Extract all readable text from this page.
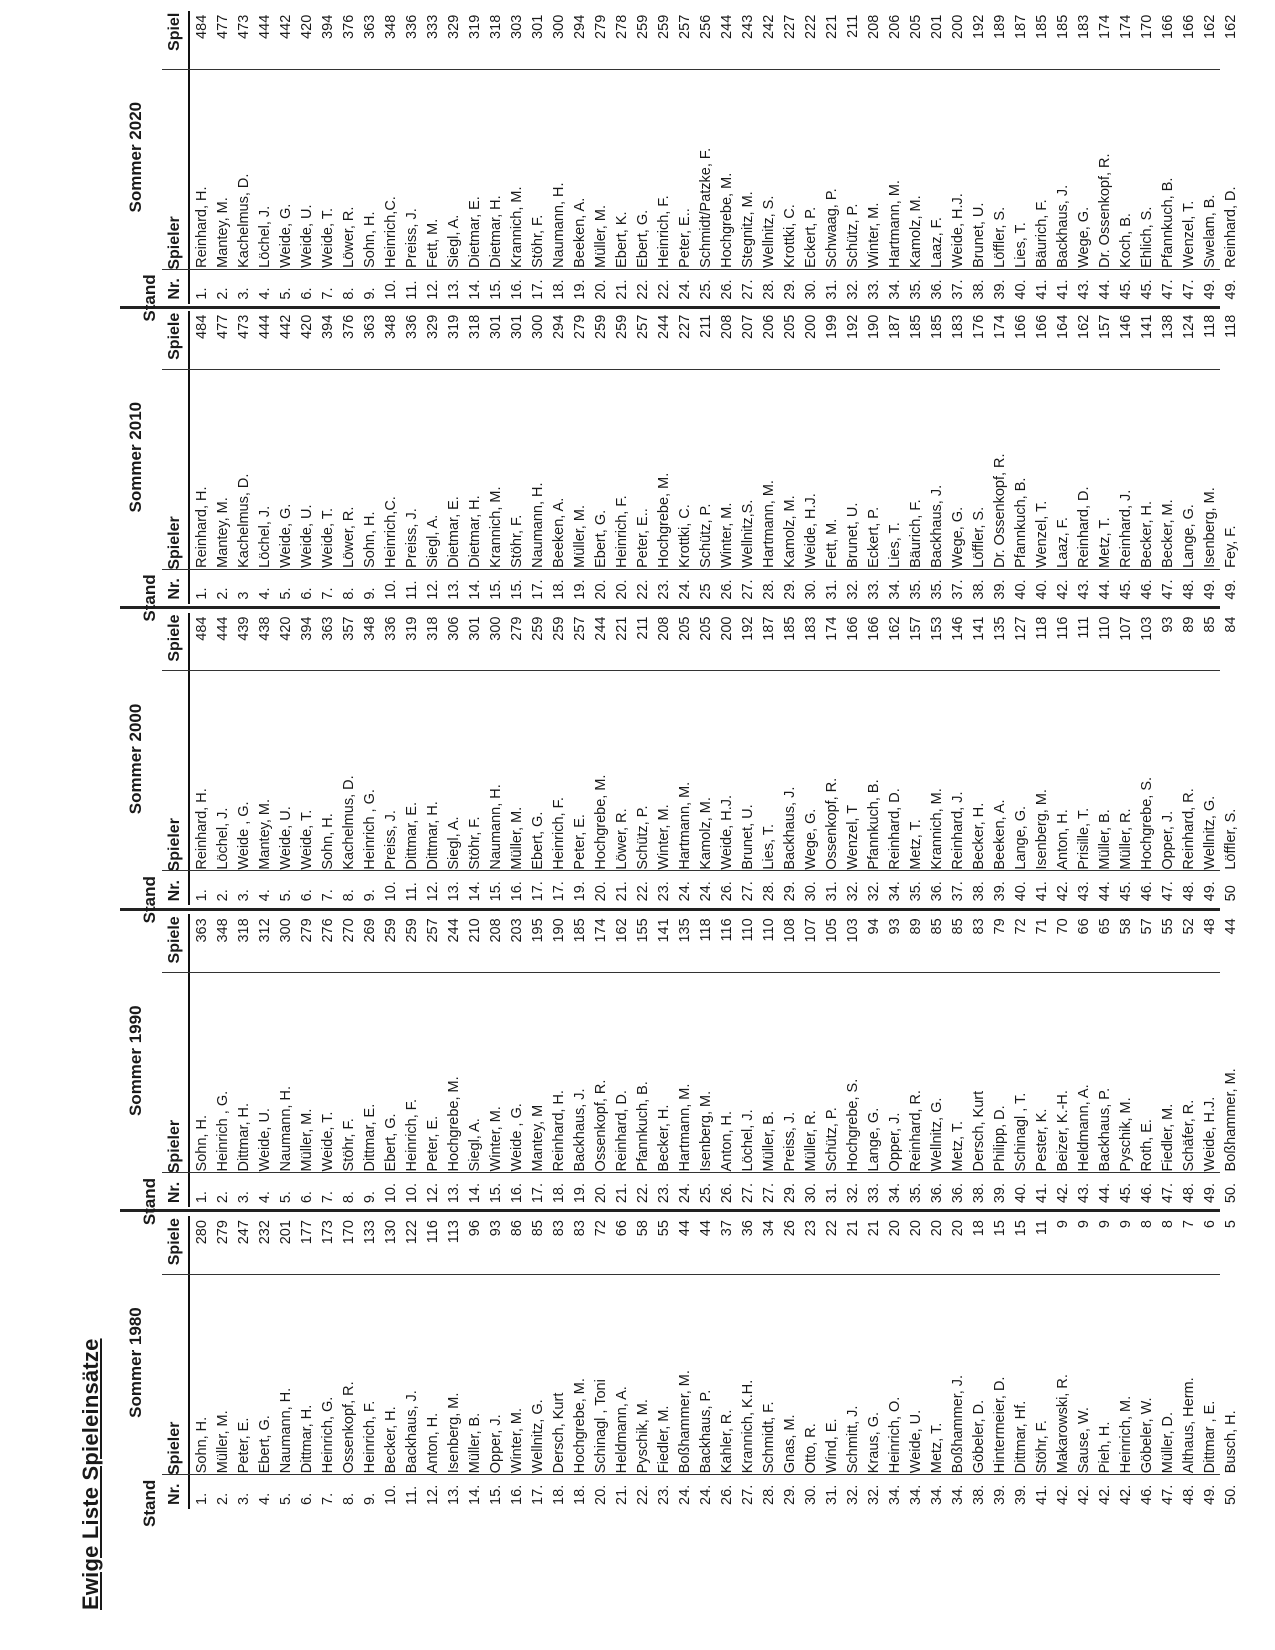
Ewige Liste Spieleinsätze Sommer 1980
Stand Nr.
Spieler
Spiele
1.
Sohn, H.
280
2.
Müller, M.
279
3.
Peter, E.
247
4.
Ebert, G.
232
5.
Naumann, H.
201
6.
Dittmar, H.
177
7.
Heinrich, G.
173
8.
Ossenkopf, R.
170
9.
Heinrich, F.
133
10.
Becker, H.
130
11.
Backhaus, J.
122
12.
Anton, H.
116
13.
Isenberg, M.
113
14.
Müller, B.
96
15.
Opper, J.
93
16.
Winter, M.
86
17.
Wellnitz, G.
85
18.
Dersch, Kurt
83
18.
Hochgrebe, M.
83
20.
Schinagl , Toni
72
21.
Heldmann, A.
66
22.
Pyschik, M.
58
23.
Fiedler, M.
55
24.
Boßhammer, M.
44
24.
Backhaus, P.
44
26.
Kahler, R.
37
27.
Krannich, K.H.
36
28.
Schmidt, F.
34
29.
Gnas, M.
26
30.
Otto, R.
23
31.
Wind, E.
22
32.
Schmitt, J.
21
32.
Kraus, G.
21
34.
Heinrich, O.
20
34.
Weide, U.
20
34.
Metz, T.
20
34.
Boßhammer, J.
20
38.
Göbeler, D.
18
39.
Hintermeier, D.
15
39.
Dittmar, Hf.
15
41.
Stöhr, F.
11
42.
Makarowski, R.
9
42.
Sause, W.
9
42.
Pieh, H.
9
42.
Heinrich, M.
9
46.
Göbeler, W.
8
47.
Müller, D.
8
48.
Althaus, Herm.
7
49.
Dittmar , E.
6
50.
Busch, H.
5
Sommer 1990
Stand Nr.
Spieler
Spiele
1.
Sohn, H.
363
2.
Heinrich , G.
348
3.
Dittmar, H.
318
4.
Weide, U.
312
5.
Naumann, H.
300
6.
Müller, M.
279
7.
Weide, T.
276
8.
Stöhr, F.
270
9.
Dittmar, E.
269
10.
Ebert, G.
259
10.
Heinrich, F.
259
12.
Peter, E.
257
13.
Hochgrebe, M.
244
14.
Siegl, A.
210
15.
Winter, M.
208
16.
Weide , G.
203
17.
Mantey, M
195
18.
Reinhard, H.
190
19.
Backhaus, J.
185
20.
Ossenkopf, R.
174
21.
Reinhard, D.
162
22.
Pfannkuch, B.
155
23.
Becker, H.
141
24.
Hartmann, M.
135
25.
Isenberg, M.
118
26.
Anton, H.
116
27.
Löchel, J.
110
27.
Müller, B.
110
29.
Preiss, J.
108
30.
Müller, R.
107
31.
Schütz, P.
105
32.
Hochgrebe, S.
103
33.
Lange, G.
94
34.
Opper, J.
93
35.
Reinhard, R.
89
36.
Wellnitz, G.
85
36.
Metz, T.
85
38.
Dersch, Kurt
83
39.
Philipp, D.
79
40.
Schinagl , T.
72
41.
Pester, K.
71
42.
Beizer, K.-H.
70
43.
Heldmann, A.
66
44.
Backhaus, P.
65
45.
Pyschik, M.
58
46.
Roth, E.
57
47.
Fiedler, M.
55
48.
Schäfer, R.
52
49.
Weide, H.J.
48
50.
Boßhammer, M.
44
Sommer 2000
Stand Nr.
Spieler
Spiele
1.
Reinhard, H.
484
2.
Löchel, J.
444
3.
Weide , G.
439
4.
Mantey, M.
438
5.
Weide, U.
420
6.
Weide, T.
394
7.
Sohn, H.
363
8.
Kachelmus, D.
357
9.
Heinrich , G.
348
10.
Preiss, J.
336
11.
Dittmar, E.
319
12.
Dittmar, H.
318
13.
Siegl, A.
306
14.
Stöhr, F.
301
15.
Naumann, H.
300
16.
Müller, M.
279
17.
Ebert, G.
259
17.
Heinrich, F.
259
19.
Peter, E.
257
20.
Hochgrebe, M.
244
21.
Löwer, R.
221
22.
Schütz, P.
211
23.
Winter, M.
208
24.
Hartmann, M.
205
24.
Kamolz, M.
205
26.
Weide, H.J.
200
27.
Brunet, U.
192
28.
Lies, T.
187
29.
Backhaus, J.
185
30.
Wege, G.
183
31.
Ossenkopf, R.
174
32.
Wenzel, T
166
32.
Pfannkuch, B.
166
34.
Reinhard, D.
162
35.
Metz, T.
157
36.
Krannich, M.
153
37.
Reinhard, J.
146
38.
Becker, H.
141
39.
Beeken, A.
135
40.
Lange, G.
127
41.
Isenberg, M.
118
42.
Anton, H.
116
43.
Prisille, T.
111
44.
Müller, B.
110
45.
Müller, R.
107
46.
Hochgrebe, S.
103
47.
Opper, J.
93
48.
Reinhard, R.
89
49.
Wellnitz, G.
85
50
Löffler, S.
84
Sommer 2010
Stand Nr.
Spieler
Spiele
1.
Reinhard, H.
484
2.
Mantey, M.
477
3
Kachelmus, D.
473
4.
Löchel, J.
444
5.
Weide, G.
442
6.
Weide, U.
420
7.
Weide, T.
394
8.
Löwer, R.
376
9.
Sohn, H.
363
10.
Heinrich,C.
348
11.
Preiss, J.
336
12.
Siegl, A.
329
13.
Dietmar, E.
319
14.
Dietmar, H.
318
15.
Krannich, M.
301
15.
Stöhr, F.
301
17.
Naumann, H.
300
18.
Beeken, A.
294
19.
Müller, M.
279
20.
Ebert, G.
259
20.
Heinrich, F.
259
22.
Peter, E..
257
23.
Hochgrebe, M.
244
24.
Krottki, C.
227
25
Schütz, P.
211
26.
Winter, M.
208
27.
Wellnitz,S.
207
28.
Hartmann, M.
206
29.
Kamolz, M.
205
30.
Weide, H.J.
200
31.
Fett, M.
199
32.
Brunet, U.
192
33.
Eckert, P.
190
34.
Lies, T.
187
35.
Bäurich, F.
185
35.
Backhaus, J.
185
37.
Wege, G.
183
38.
Löffler, S.
176
39.
Dr. Ossenkopf, R.
174
40.
Pfannkuch, B.
166
40.
Wenzel, T.
166
42.
Laaz, F.
164
43.
Reinhard, D.
162
44.
Metz, T.
157
45.
Reinhard, J.
146
46.
Becker, H.
141
47.
Becker, M.
138
48.
Lange, G.
124
49.
Isenberg, M.
118
49.
Fey, F.
118
Sommer 2020
Stand Nr.
Spieler
Spiel
1.
Reinhard, H.
484
2.
Mantey, M.
477
3.
Kachelmus, D.
473
4.
Löchel, J.
444
5.
Weide, G.
442
6.
Weide, U.
420
7.
Weide, T.
394
8.
Löwer, R.
376
9.
Sohn, H.
363
10.
Heinrich,C.
348
11.
Preiss, J.
336
12.
Fett, M.
333
13.
Siegl, A.
329
14.
Dietmar, E.
319
15.
Dietmar, H.
318
16.
Krannich, M.
303
17.
Stöhr, F.
301
18.
Naumann, H.
300
19.
Beeken, A.
294
20.
Müller, M.
279
21.
Ebert, K.
278
22.
Ebert, G.
259
22.
Heinrich, F.
259
24.
Peter, E..
257
25.
Schmidt/Patzke, F.
256
26.
Hochgrebe, M.
244
27.
Stegnitz, M.
243
28.
Wellnitz, S.
242
29.
Krottki, C.
227
30.
Eckert, P.
222
31.
Schwaag, P.
221
32.
Schütz, P.
211
33.
Winter, M.
208
34.
Hartmann, M.
206
35.
Kamolz, M.
205
36.
Laaz, F.
201
37.
Weide, H.J.
200
38.
Brunet, U.
192
39.
Löffler, S.
189
40.
Lies, T.
187
41.
Bäurich, F.
185
41.
Backhaus, J.
185
43.
Wege, G.
183
44.
Dr. Ossenkopf, R.
174
45.
Koch, B.
174
45.
Ehlich, S.
170
47.
Pfannkuch, B.
166
47.
Wenzel, T.
166
49.
Swelam, B.
162
49.
Reinhard, D.
162
